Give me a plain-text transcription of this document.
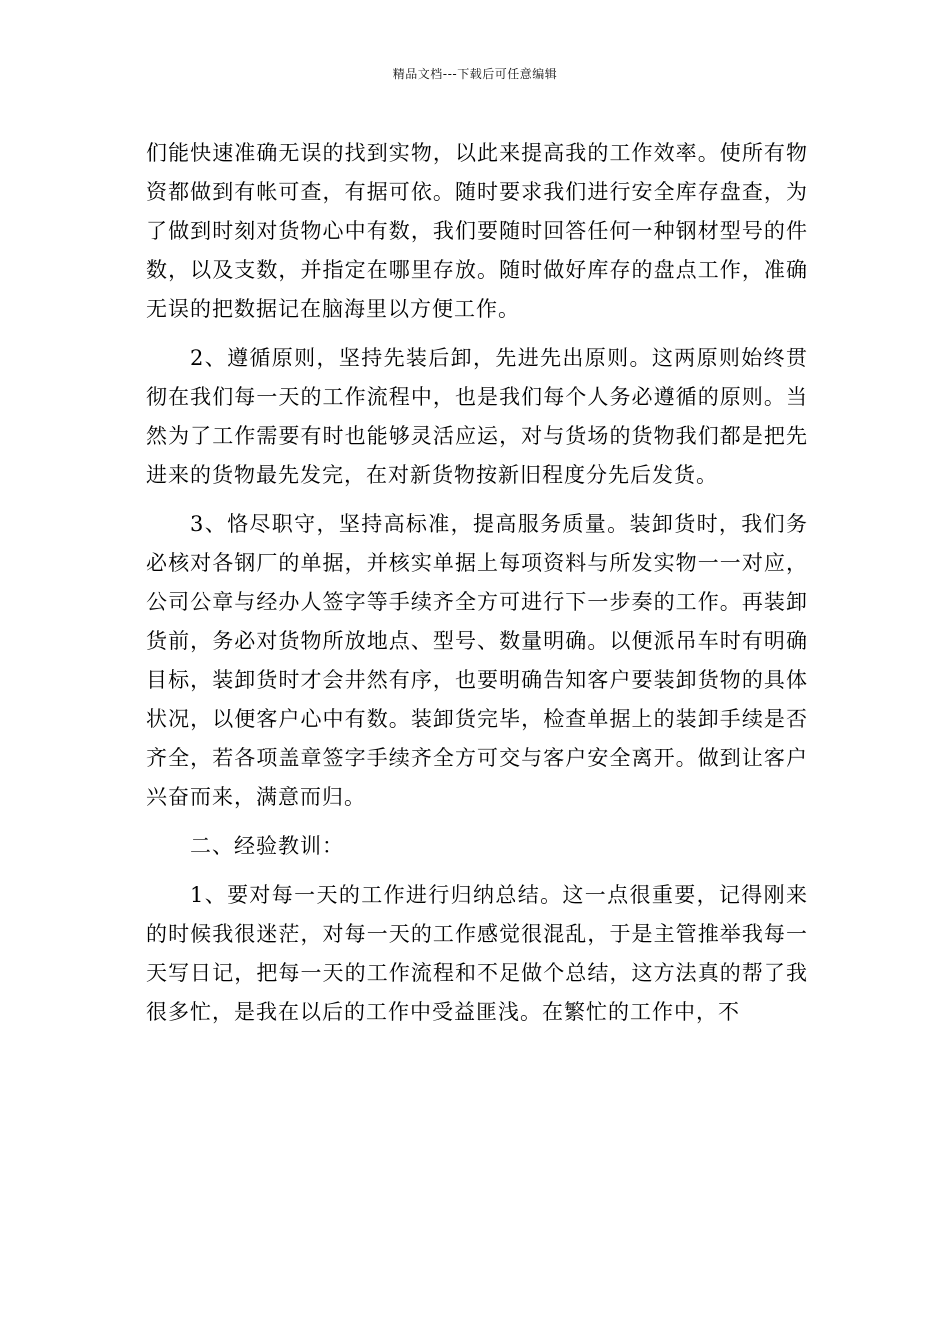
精品文档---下载后可任意编辑

们能快速准确无误的找到实物，以此来提高我的工作效率。使所有物资都做到有帐可查，有据可依。随时要求我们进行安全库存盘查，为了做到时刻对货物心中有数，我们要随时回答任何一种钢材型号的件数，以及支数，并指定在哪里存放。随时做好库存的盘点工作，准确无误的把数据记在脑海里以方便工作。

2、遵循原则，坚持先装后卸，先进先出原则。这两原则始终贯彻在我们每一天的工作流程中，也是我们每个人务必遵循的原则。当然为了工作需要有时也能够灵活应运，对与货场的货物我们都是把先进来的货物最先发完，在对新货物按新旧程度分先后发货。

3、恪尽职守，坚持高标准，提高服务质量。装卸货时，我们务必核对各钢厂的单据，并核实单据上每项资料与所发实物一一对应，公司公章与经办人签字等手续齐全方可进行下一步奏的工作。再装卸货前，务必对货物所放地点、型号、数量明确。以便派吊车时有明确目标，装卸货时才会井然有序，也要明确告知客户要装卸货物的具体状况，以便客户心中有数。装卸货完毕，检查单据上的装卸手续是否齐全，若各项盖章签字手续齐全方可交与客户安全离开。做到让客户兴奋而来，满意而归。

二、经验教训：

1、要对每一天的工作进行归纳总结。这一点很重要，记得刚来的时候我很迷茫，对每一天的工作感觉很混乱，于是主管推举我每一天写日记，把每一天的工作流程和不足做个总结，这方法真的帮了我很多忙，是我在以后的工作中受益匪浅。在繁忙的工作中，不
